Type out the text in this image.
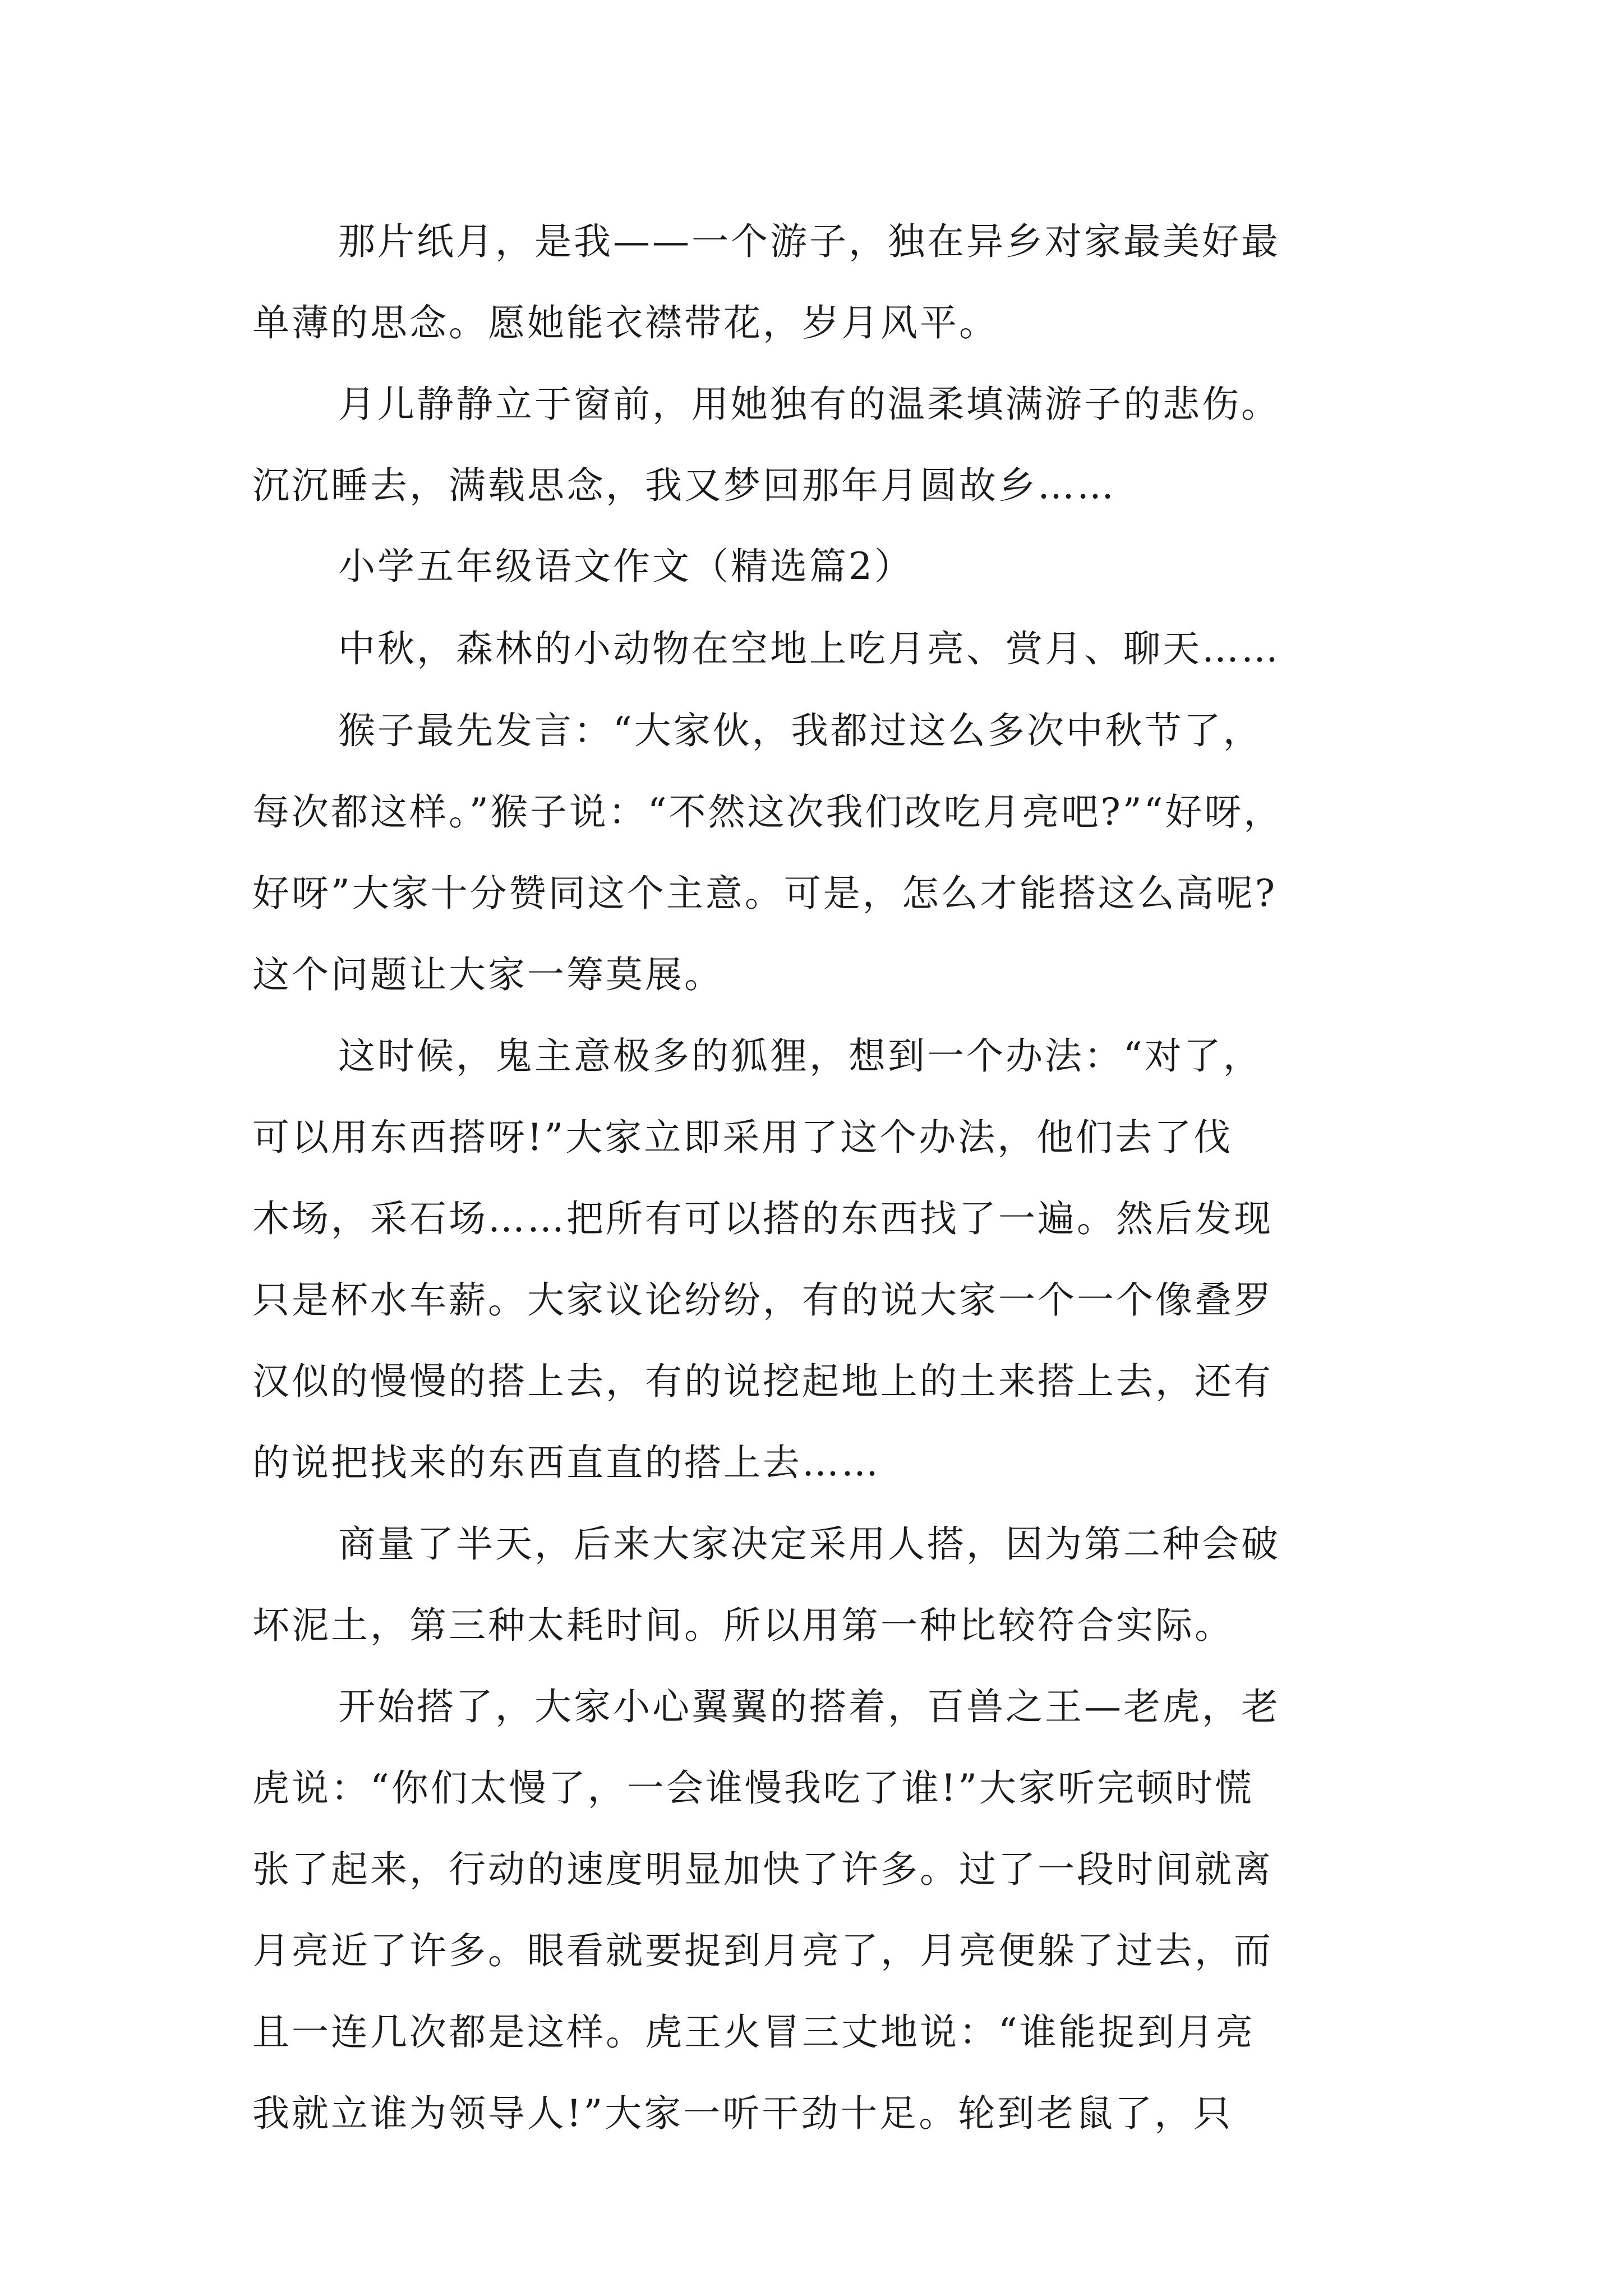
那片纸月，是我——一个游子，独在异乡对家最美好最
单薄的思念。愿她能衣襟带花，岁月风平。
月儿静静立于窗前，用她独有的温柔填满游子的悲伤。
沉沉睡去，满载思念，我又梦回那年月圆故乡……
小学五年级语文作文（精选篇2）
中秋，森林的小动物在空地上吃月亮、赏月、聊天……
猴子最先发言：“大家伙，我都过这么多次中秋节了，
每次都这样。”猴子说：“不然这次我们改吃月亮吧?”“好呀，
好呀”大家十分赞同这个主意。可是，怎么才能搭这么高呢?
这个问题让大家一筹莫展。
这时候，鬼主意极多的狐狸，想到一个办法：“对了，
可以用东西搭呀!”大家立即采用了这个办法，他们去了伐
木场，采石场……把所有可以搭的东西找了一遍。然后发现
只是杯水车薪。大家议论纷纷，有的说大家一个一个像叠罗
汉似的慢慢的搭上去，有的说挖起地上的土来搭上去，还有
的说把找来的东西直直的搭上去……
商量了半天，后来大家决定采用人搭，因为第二种会破
坏泥土，第三种太耗时间。所以用第一种比较符合实际。
开始搭了，大家小心翼翼的搭着，百兽之王—老虎，老
虎说：“你们太慢了，一会谁慢我吃了谁!”大家听完顿时慌
张了起来，行动的速度明显加快了许多。过了一段时间就离
月亮近了许多。眼看就要捉到月亮了，月亮便躲了过去，而
且一连几次都是这样。虎王火冒三丈地说：“谁能捉到月亮
我就立谁为领导人!”大家一听干劲十足。轮到老鼠了，只
